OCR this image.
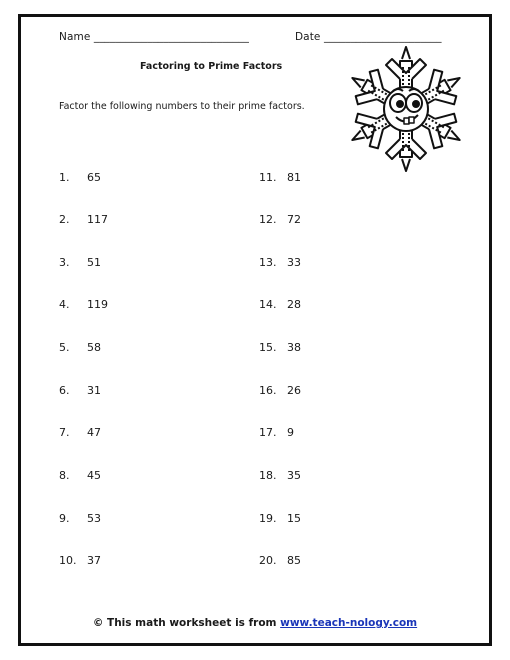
Name _____________________________	Date ______________________
Factoring to Prime Factors
Factor the following numbers to their prime factors.
1. 65
2. 117
3. 51
4. 119
5. 58
6. 31
7. 47
8. 45
9. 53
10. 37
11. 81
12. 72
13. 33
14. 28
15. 38
16. 26
17. 9
18. 35
19. 15
20. 85
© This math worksheet is from www.teach-nology.com
